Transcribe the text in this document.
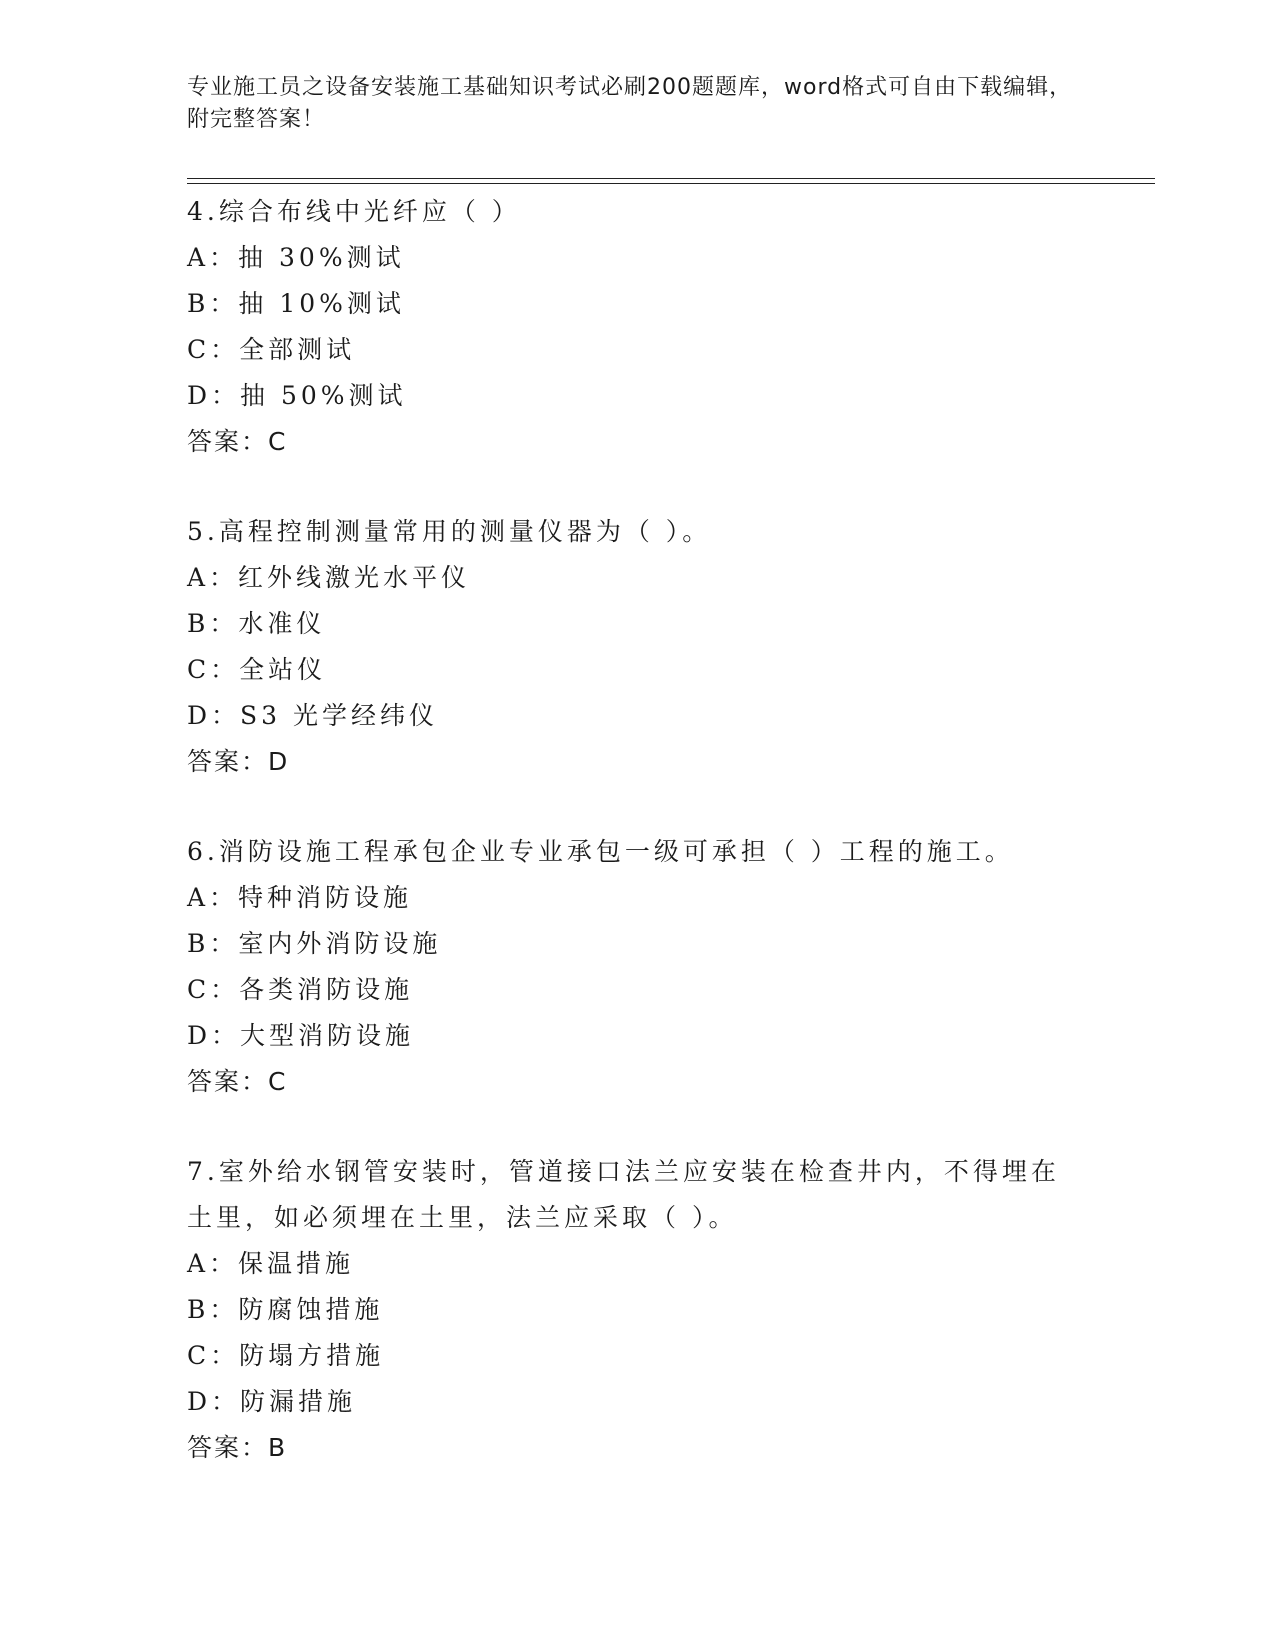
专业施工员之设备安装施工基础知识考试必刷200题题库，word格式可自由下载编辑，附完整答案！

4.综合布线中光纤应（ ）

A：抽 30%测试

B：抽 10%测试

C：全部测试

D：抽 50%测试

答案：C

5.高程控制测量常用的测量仪器为（ ）。

A：红外线激光水平仪

B：水准仪

C：全站仪

D：S3 光学经纬仪

答案：D

6.消防设施工程承包企业专业承包一级可承担（ ）工程的施工。

A：特种消防设施

B：室内外消防设施

C：各类消防设施

D：大型消防设施

答案：C

7.室外给水钢管安装时，管道接口法兰应安装在检查井内，不得埋在

土里，如必须埋在土里，法兰应采取（ ）。

A：保温措施

B：防腐蚀措施

C：防塌方措施

D：防漏措施

答案：B
